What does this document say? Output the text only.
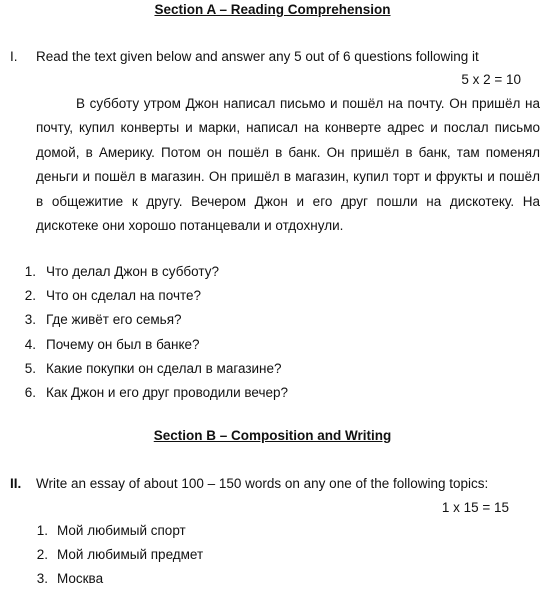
Section A – Reading Comprehension
I. Read the text given below and answer any 5 out of 6 questions following it
5 x 2 = 10

В субботу утром Джон написал письмо и пошёл на почту. Он пришёл на почту, купил конверты и марки, написал на конверте адрес и послал письмо домой, в Америку. Потом он пошёл в банк. Он пришёл в банк, там поменял деньги и пошёл в магазин. Он пришёл в магазин, купил торт и фрукты и пошёл в общежитие к другу. Вечером Джон и его друг пошли на дискотеку. На дискотеке они хорошо потанцевали и отдохнули.

1. Что делал Джон в субботу?
2. Что он сделал на почте?
3. Где живёт его семья?
4. Почему он был в банке?
5. Какие покупки он сделал в магазине?
6. Как Джон и его друг проводили вечер?
Section B – Composition and Writing
II. Write an essay of about 100 – 150 words on any one of the following topics:
1 x 15 = 15
1. Мой любимый спорт
2. Мой любимый предмет
3. Москва
